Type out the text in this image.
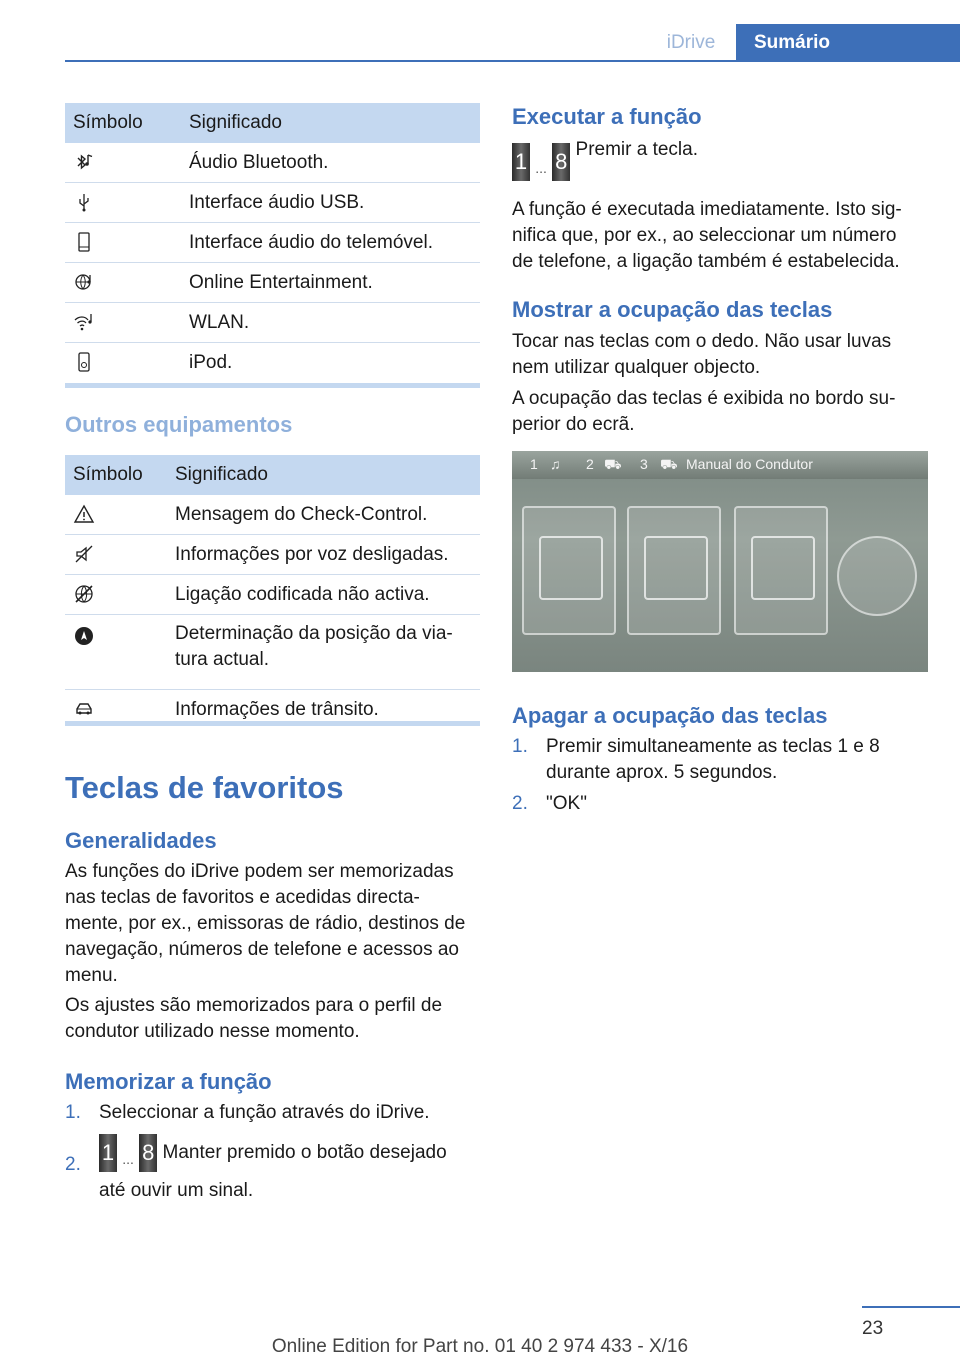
iDrive	Sumário
Símbolo	Significado

	Áudio Bluetooth.

	Interface áudio USB.

	Interface áudio do telemóvel.

	Online Entertainment.

	WLAN.

	iPod.
Outros equipamentos
Símbolo	Significado

	Mensagem do Check-Control.

	Informações por voz desligadas.

	Ligação codificada não activa.

	Determinação da posição da via-
tura actual.

	Informações de trânsito.
Teclas de favoritos
Generalidades
As funções do iDrive podem ser memorizadas
nas teclas de favoritos e acedidas directa-
mente, por ex., emissoras de rádio, destinos de
navegação, números de telefone e acessos ao
menu.
Os ajustes são memorizados para o perfil de
condutor utilizado nesse momento.
Memorizar a função
1. Seleccionar a função através do iDrive.
2. 1 ... 8 Manter premido o botão desejado
até ouvir um sinal.
Executar a função
1 ... 8 Premir a tecla.
A função é executada imediatamente. Isto sig-
nifica que, por ex., ao seleccionar um número
de telefone, a ligação também é estabelecida.
Mostrar a ocupação das teclas
Tocar nas teclas com o dedo. Não usar luvas
nem utilizar qualquer objecto.
A ocupação das teclas é exibida no bordo su-
perior do ecrã.
1 ♫ 2 ⛟ 3 ⛟ Manual do Condutor
Apagar a ocupação das teclas
1. Premir simultaneamente as teclas 1 e 8
durante aprox. 5 segundos.
2. "OK"
23
Online Edition for Part no. 01 40 2 974 433 - X/16
